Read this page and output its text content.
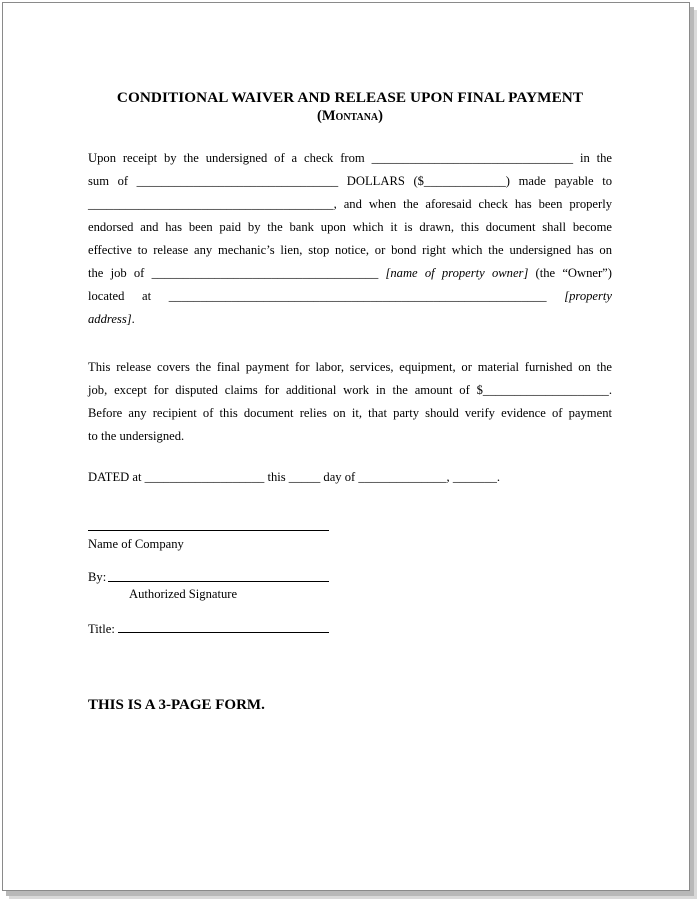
CONDITIONAL WAIVER AND RELEASE UPON FINAL PAYMENT
(Montana)
Upon receipt by the undersigned of a check from ________________________________ in the
sum of ________________________________ DOLLARS ($_____________) made payable to
_______________________________________, and when the aforesaid check has been properly
endorsed and has been paid by the bank upon which it is drawn, this document shall become
effective to release any mechanic’s lien, stop notice, or bond right which the undersigned has on
the job of ____________________________________ [name of property owner] (the “Owner”)
located at ____________________________________________________________ [property
address].
This release covers the final payment for labor, services, equipment, or material furnished on the
job, except for disputed claims for additional work in the amount of $____________________.
Before any recipient of this document relies on it, that party should verify evidence of payment
to the undersigned.
DATED at ___________________ this _____ day of ______________, _______.
Name of Company
By:
Authorized Signature
Title:
THIS IS A 3-PAGE FORM.
